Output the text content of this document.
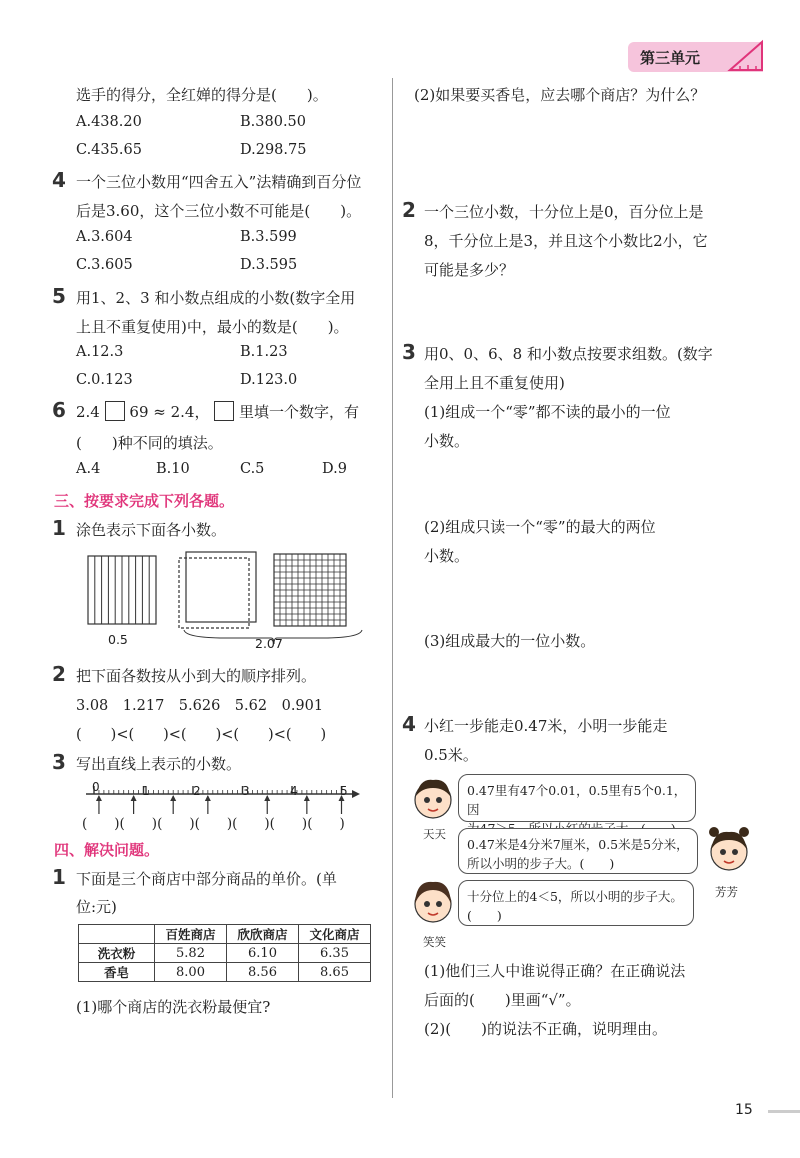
第三单元
选手的得分，全红婵的得分是(　　)。
A.438.20	B.380.50
C.435.65	D.298.75
4 一个三位小数用“四舍五入”法精确到百分位
后是3.60，这个三位小数不可能是(　　)。
A.3.604	B.3.599
C.3.605	D.3.595
5 用1、2、3 和小数点组成的小数(数字全用
上且不重复使用)中，最小的数是(　　)。
A.12.3	B.1.23
C.0.123	D.123.0
6 2.4 69 ≈ 2.4， 里填一个数字，有
(　　)种不同的填法。
A.4	B.10	C.5	D.9
三、按要求完成下列各题。
1 涂色表示下面各小数。
0.5	2.07
2 把下面各数按从小到大的顺序排列。
3.08　1.217　5.626　5.62　0.901
(　　)<(　　)<(　　)<(　　)<(　　)
3 写出直线上表示的小数。
0	1	2	3	4	5
(　　)(　　)(　　)(　　)(　　)(　　)(　　)
四、解决问题。
1 下面是三个商店中部分商品的单价。(单
位:元)
	百姓商店	欣欣商店	文化商店
洗衣粉	5.82	6.10	6.35
香皂	8.00	8.56	8.65
(1)哪个商店的洗衣粉最便宜?
(2)如果要买香皂，应去哪个商店？为什么？
2 一个三位小数，十分位上是0，百分位上是
8，千分位上是3，并且这个小数比2小，它
可能是多少？
3 用0、0、6、8 和小数点按要求组数。(数字
全用上且不重复使用)
(1)组成一个“零”都不读的最小的一位
小数。
(2)组成只读一个“零”的最大的两位
小数。
(3)组成最大的一位小数。
4 小红一步能走0.47米，小明一步能走
0.5米。
天天
芳芳
笑笑
0.47里有47个0.01，0.5里有5个0.1，因
0.47米是4分米7厘米，0.5米是5分米，
所以小明的步子大。(　　)
十分位上的4＜5，所以小明的步子大。
(　　)
(1)他们三人中谁说得正确？在正确说法
后面的(　　)里画“√”。
(2)(　　)的说法不正确，说明理由。
15
